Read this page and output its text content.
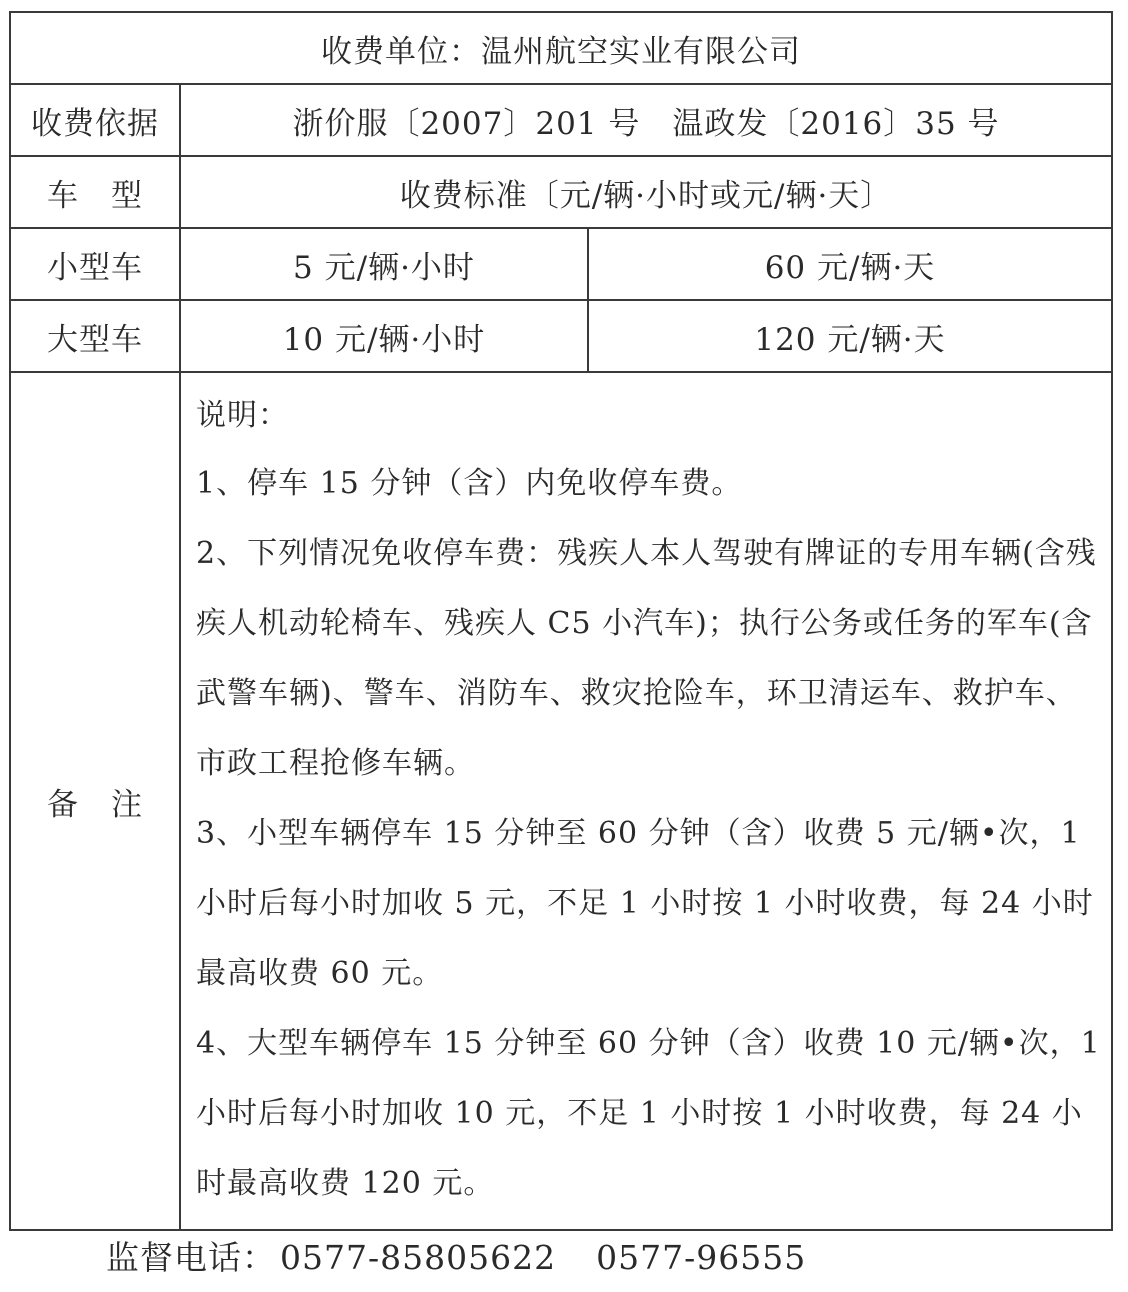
收费单位：温州航空实业有限公司		
收费依据	浙价服〔2007〕201 号　温政发〔2016〕35 号	
车　型	收费标准〔元/辆·小时或元/辆·天〕	
小型车	5 元/辆·小时	60 元/辆·天
大型车	10 元/辆·小时	120 元/辆·天
备　注	说明：

1、停车 15 分钟（含）内免收停车费。

2、下列情况免收停车费：残疾人本人驾驶有牌证的专用车辆(含残疾人机动轮椅车、残疾人 C5 小汽车)；执行公务或任务的军车(含武警车辆)、警车、消防车、救灾抢险车，环卫清运车、救护车、市政工程抢修车辆。

3、小型车辆停车 15 分钟至 60 分钟（含）收费 5 元/辆•次，1 小时后每小时加收 5 元，不足 1 小时按 1 小时收费，每 24 小时最高收费 60 元。

4、大型车辆停车 15 分钟至 60 分钟（含）收费 10 元/辆•次，1 小时后每小时加收 10 元，不足 1 小时按 1 小时收费，每 24 小时最高收费 120 元。	

监督电话： 0577-85805622 0577-96555
